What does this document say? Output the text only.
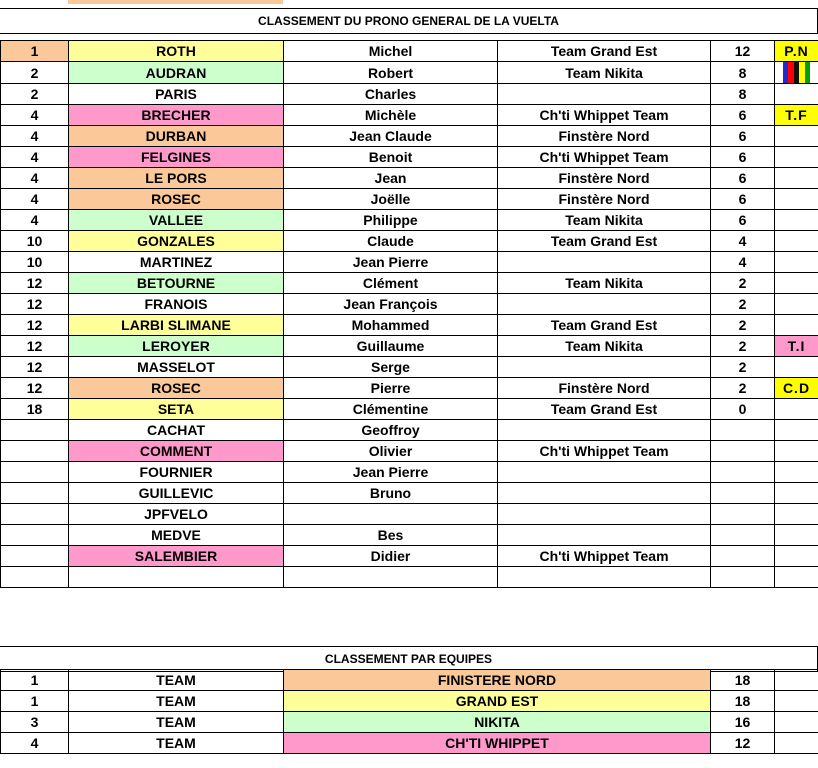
CLASSEMENT DU PRONO GENERAL DE LA VUELTA
1	ROTH	Michel	Team Grand Est	12	P.N
2	AUDRAN	Robert	Team Nikita	8	

2	PARIS	Charles		8	
4	BRECHER	Michèle	Ch'ti Whippet Team	6	T.F
4	DURBAN	Jean Claude	Finstère Nord	6	
4	FELGINES	Benoit	Ch'ti Whippet Team	6	
4	LE PORS	Jean	Finstère Nord	6	
4	ROSEC	Joëlle	Finstère Nord	6	
4	VALLEE	Philippe	Team Nikita	6	
10	GONZALES	Claude	Team Grand Est	4	
10	MARTINEZ	Jean Pierre		4	
12	BETOURNE	Clément	Team Nikita	2	
12	FRANOIS	Jean François		2	
12	LARBI SLIMANE	Mohammed	Team Grand Est	2	
12	LEROYER	Guillaume	Team Nikita	2	T.I
12	MASSELOT	Serge		2	
12	ROSEC	Pierre	Finstère Nord	2	C.D
18	SETA	Clémentine	Team Grand Est	0	
	CACHAT	Geoffroy			
	COMMENT	Olivier	Ch'ti Whippet Team		
	FOURNIER	Jean Pierre			
	GUILLEVIC	Bruno			
	JPFVELO				
	MEDVE	Bes			
	SALEMBIER	Didier	Ch'ti Whippet Team		

CLASSEMENT PAR EQUIPES
1	TEAM	FINISTERE NORD	18	
1	TEAM	GRAND EST	18	
3	TEAM	NIKITA	16	
4	TEAM	CH'TI WHIPPET	12	
